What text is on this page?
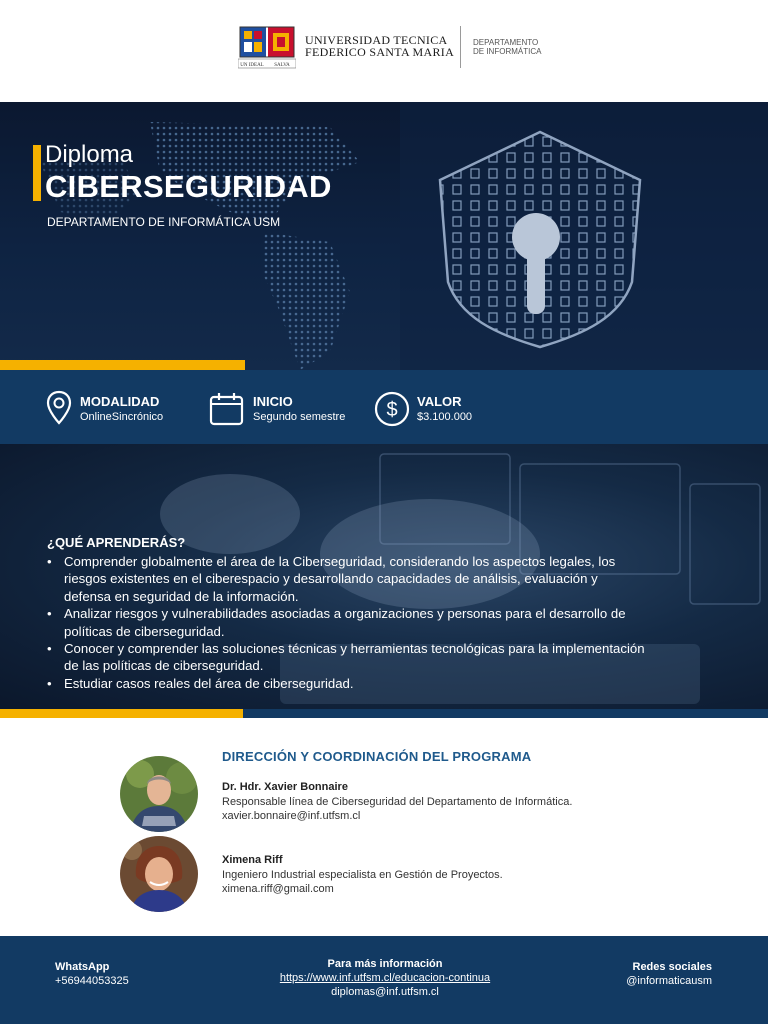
UN IDEAL SALVA
UNIVERSIDAD TECNICA
FEDERICO SANTA MARIA
DEPARTAMENTO
DE INFORMÁTICA
Diploma
CIBERSEGURIDAD
DEPARTAMENTO DE INFORMÁTICA USM
MODALIDAD
OnlineSincrónico
INICIO
Segundo semestre $ VALOR
$3.100.000
¿QUÉ APRENDERÁS?
• Comprender globalmente el área de la Ciberseguridad, considerando los aspectos legales, los riesgos existentes en el ciberespacio y desarrollando capacidades de análisis, evaluación y defensa en seguridad de la información.
• Analizar riesgos y vulnerabilidades asociadas a organizaciones y personas para el desarrollo de políticas de ciberseguridad.
• Conocer y comprender las soluciones técnicas y herramientas tecnológicas para la implementación de las políticas de ciberseguridad.
• Estudiar casos reales del área de ciberseguridad.
DIRECCIÓN Y COORDINACIÓN DEL PROGRAMA
Dr. Hdr. Xavier Bonnaire
Responsable línea de Ciberseguridad del Departamento de Informática.
xavier.bonnaire@inf.utfsm.cl
Ximena Riff
Ingeniero Industrial especialista en Gestión de Proyectos.
ximena.riff@gmail.com
WhatsApp
+56944053325
Para más información
https://www.inf.utfsm.cl/educacion-continua
diplomas@inf.utfsm.cl
Redes sociales
@informaticausm
